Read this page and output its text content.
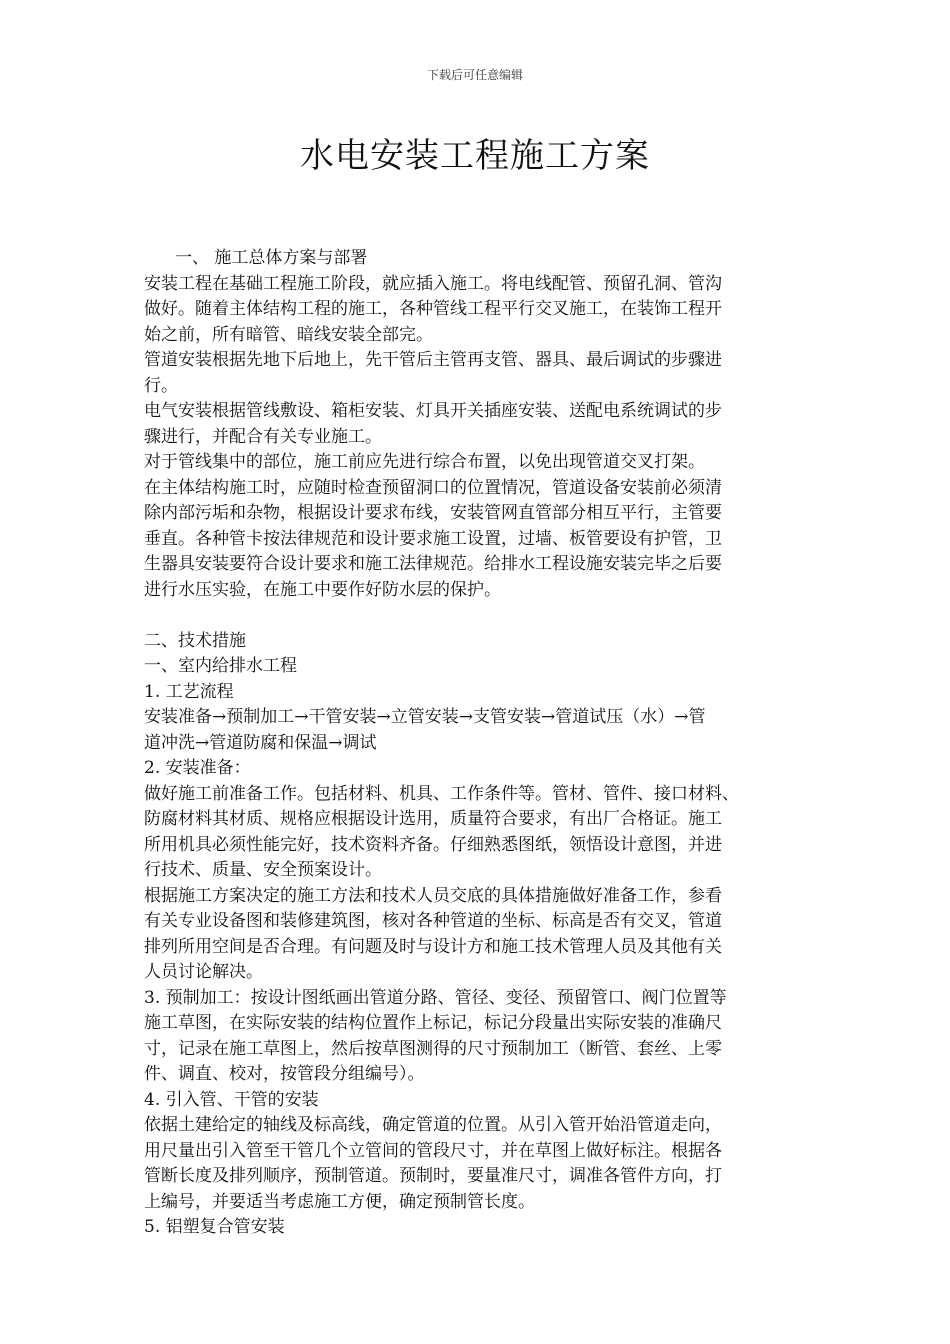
下载后可任意编辑
水电安装工程施工方案
一、 施工总体方案与部署
安装工程在基础工程施工阶段，就应插入施工。将电线配管、预留孔洞、管沟
做好。随着主体结构工程的施工，各种管线工程平行交叉施工，在装饰工程开
始之前，所有暗管、暗线安装全部完。
管道安装根据先地下后地上，先干管后主管再支管、器具、最后调试的步骤进
行。
电气安装根据管线敷设、箱柜安装、灯具开关插座安装、送配电系统调试的步
骤进行，并配合有关专业施工。
对于管线集中的部位，施工前应先进行综合布置，以免出现管道交叉打架。
在主体结构施工时，应随时检查预留洞口的位置情况，管道设备安装前必须清
除内部污垢和杂物，根据设计要求布线，安装管网直管部分相互平行，主管要
垂直。各种管卡按法律规范和设计要求施工设置，过墙、板管要设有护管，卫
生器具安装要符合设计要求和施工法律规范。给排水工程设施安装完毕之后要
进行水压实验，在施工中要作好防水层的保护。
二、技术措施
一、室内给排水工程
1. 工艺流程
安装准备→预制加工→干管安装→立管安装→支管安装→管道试压（水）→管
道冲洗→管道防腐和保温→调试
2. 安装准备：
做好施工前准备工作。包括材料、机具、工作条件等。管材、管件、接口材料、
防腐材料其材质、规格应根据设计选用，质量符合要求，有出厂合格证。施工
所用机具必须性能完好，技术资料齐备。仔细熟悉图纸，领悟设计意图，并进
行技术、质量、安全预案设计。
根据施工方案决定的施工方法和技术人员交底的具体措施做好准备工作，参看
有关专业设备图和装修建筑图，核对各种管道的坐标、标高是否有交叉，管道
排列所用空间是否合理。有问题及时与设计方和施工技术管理人员及其他有关
人员讨论解决。
3. 预制加工：按设计图纸画出管道分路、管径、变径、预留管口、阀门位置等
施工草图，在实际安装的结构位置作上标记，标记分段量出实际安装的准确尺
寸，记录在施工草图上，然后按草图测得的尺寸预制加工（断管、套丝、上零
件、调直、校对，按管段分组编号）。
4. 引入管、干管的安装
依据土建给定的轴线及标高线，确定管道的位置。从引入管开始沿管道走向，
用尺量出引入管至干管几个立管间的管段尺寸，并在草图上做好标注。根据各
管断长度及排列顺序，预制管道。预制时，要量准尺寸，调准各管件方向，打
上编号，并要适当考虑施工方便，确定预制管长度。
5. 铝塑复合管安装
